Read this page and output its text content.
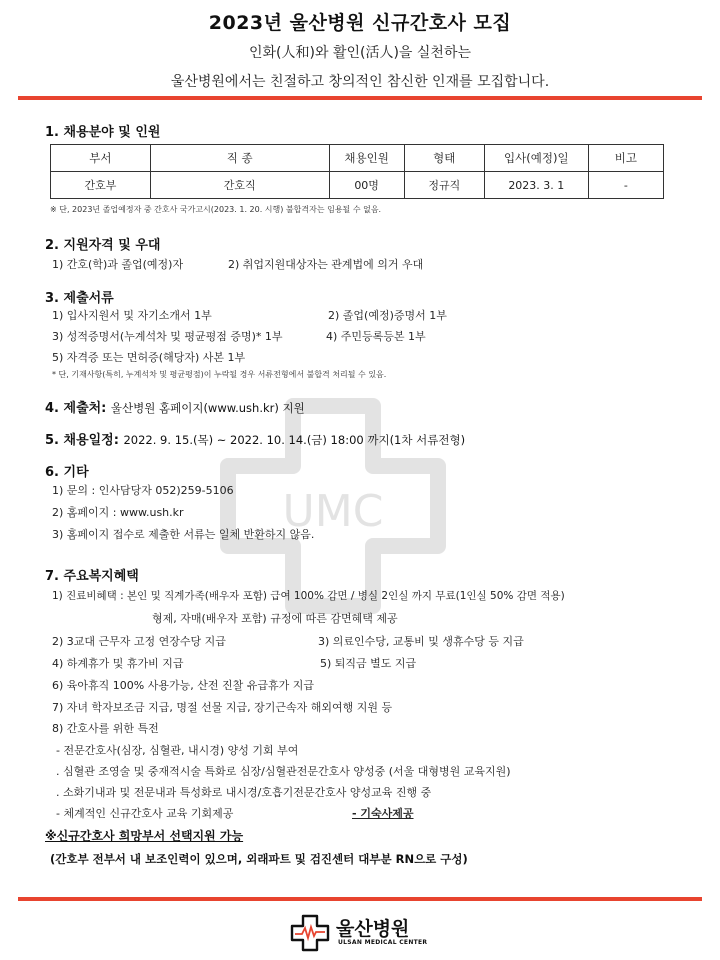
2023년 울산병원 신규간호사 모집
인화(人和)와 활인(活人)을 실천하는
울산병원에서는 친절하고 창의적인 참신한 인재를 모집합니다.
UMC
1. 채용분야 및 인원
부서	직 종	채용인원	형태	입사(예정)일	비고
간호부	간호직	00명	정규직	2023. 3. 1	-
※ 단, 2023년 졸업예정자 중 간호사 국가고시(2023. 1. 20. 시행) 불합격자는 임용될 수 없음.
2. 지원자격 및 우대
1) 간호(학)과 졸업(예정)자	2) 취업지원대상자는 관계법에 의거 우대
3. 제출서류
1) 입사지원서 및 자기소개서 1부	2) 졸업(예정)증명서 1부
3) 성적증명서(누계석차 및 평균평점 증명)* 1부	4) 주민등록등본 1부
5) 자격증 또는 면허증(해당자) 사본 1부
* 단, 기재사항(특히, 누계석차 및 평균평점)이 누락될 경우 서류전형에서 불합격 처리될 수 있음.
4. 제출처: 울산병원 홈페이지(www.ush.kr) 지원
5. 채용일정: 2022. 9. 15.(목) ~ 2022. 10. 14.(금) 18:00 까지(1차 서류전형)
6. 기타
1) 문의 : 인사담당자 052)259-5106
2) 홈페이지 : www.ush.kr
3) 홈페이지 접수로 제출한 서류는 일체 반환하지 않음.
7. 주요복지혜택
1) 진료비혜택 : 본인 및 직계가족(배우자 포함) 급여 100% 감면 / 병실 2인실 까지 무료(1인실 50% 감면 적용)
형제, 자매(배우자 포함) 규정에 따른 감면혜택 제공
2) 3교대 근무자 고정 연장수당 지급	3) 의료인수당, 교통비 및 생휴수당 등 지급
4) 하계휴가 및 휴가비 지급	5) 퇴직금 별도 지급
6) 육아휴직 100% 사용가능, 산전 진찰 유급휴가 지급
7) 자녀 학자보조금 지급, 명절 선물 지급, 장기근속자 해외여행 지원 등
8) 간호사를 위한 특전
- 전문간호사(심장, 심혈관, 내시경) 양성 기회 부여
. 심혈관 조영술 및 중재적시술 특화로 심장/심혈관전문간호사 양성중 (서울 대형병원 교육지원)
. 소화기내과 및 전문내과 특성화로 내시경/호흡기전문간호사 양성교육 진행 중
- 체계적인 신규간호사 교육 기회제공	- 기숙사제공
※신규간호사 희망부서 선택지원 가능
(간호부 전부서 내 보조인력이 있으며, 외래파트 및 검진센터 대부분 RN으로 구성)
울산병원
ULSAN MEDICAL CENTER
